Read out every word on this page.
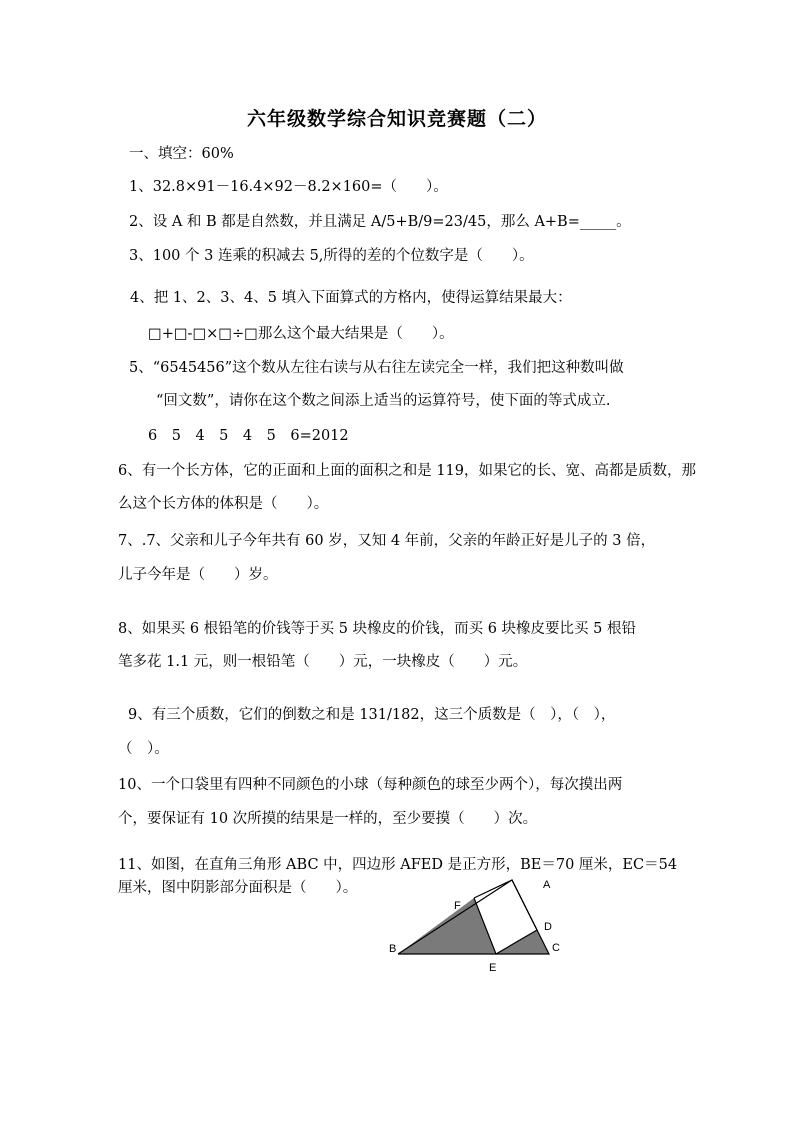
六年级数学综合知识竞赛题（二）
一、填空：60%
1、32.8×91－16.4×92－8.2×160=（　　）。
2、设 A 和 B 都是自然数，并且满足 A/5+B/9=23/45，那么 A+B=_____。
3、100 个 3 连乘的积减去 5,所得的差的个位数字是（　　）。
4、把 1、2、3、4、5 填入下面算式的方格内，使得运算结果最大：
□+□-□×□÷□那么这个最大结果是（　　）。
5、“6545456”这个数从左往右读与从右往左读完全一样，我们把这种数叫做
“回文数”，请你在这个数之间添上适当的运算符号，使下面的等式成立.
6　5　4　5　4　5　6=2012
6、有一个长方体，它的正面和上面的面积之和是 119，如果它的长、宽、高都是质数，那
么这个长方体的体积是（　　）。
7、.7、父亲和儿子今年共有 60 岁，又知 4 年前，父亲的年龄正好是儿子的 3 倍，
儿子今年是（　　）岁。
8、如果买 6 根铅笔的价钱等于买 5 块橡皮的价钱，而买 6 块橡皮要比买 5 根铅
笔多花 1.1 元，则一根铅笔（　　）元，一块橡皮（　　）元。
9、有三个质数，它们的倒数之和是 131/182，这三个质数是（　），（　），
（　）。
10、一个口袋里有四种不同颜色的小球（每种颜色的球至少两个），每次摸出两
个，要保证有 10 次所摸的结果是一样的，至少要摸（　　）次。
11、如图，在直角三角形 ABC 中，四边形 AFED 是正方形，BE＝70 厘米，EC＝54
厘米，图中阴影部分面积是（　　）。	A
B	C
D
E
F
